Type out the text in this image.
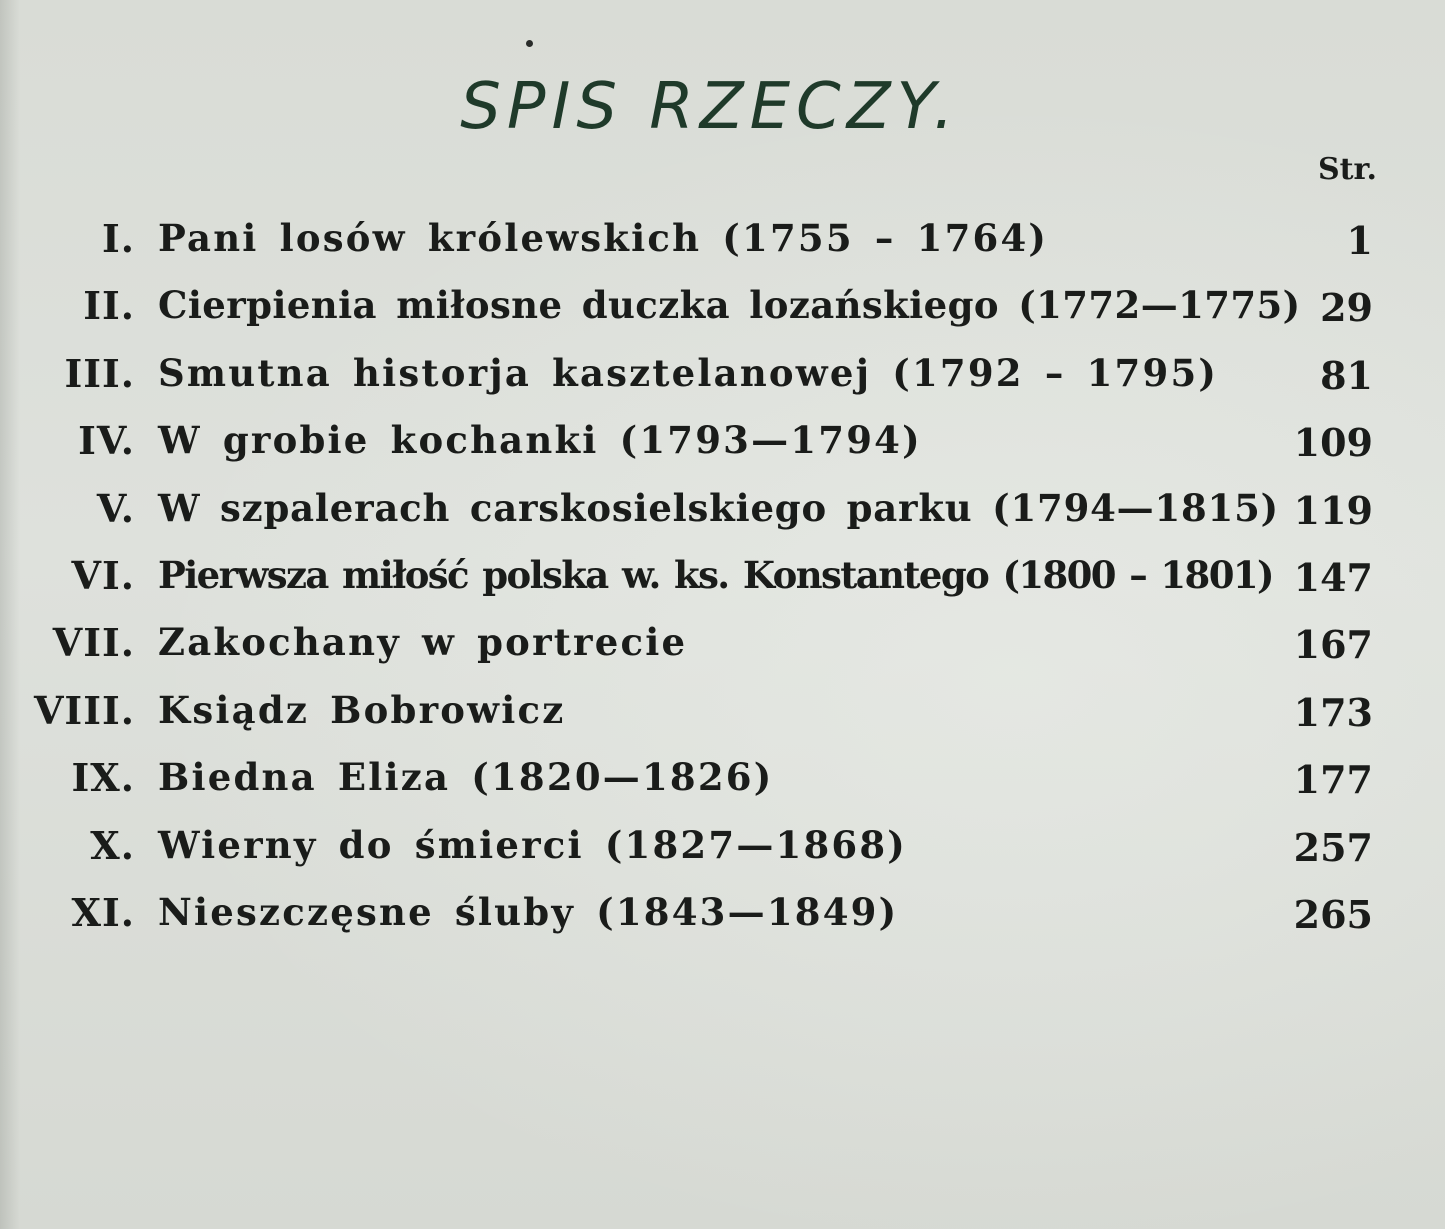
SPIS RZECZY.
Str.
I. Pani losów królewskich (1755 – 1764)	1
II. Cierpienia miłosne duczka lozańskiego (1772—1775) 29
III. Smutna historja kasztelanowej (1792 – 1795)	81
IV. W grobie kochanki (1793—1794)	109
V. W szpalerach carskosielskiego parku (1794—1815) 119
VI. Pierwsza miłość polska w. ks. Konstantego (1800 – 1801) 147
VII. Zakochany w portrecie	167
VIII. Ksiądz Bobrowicz	173
IX. Biedna Eliza (1820—1826)	177
X. Wierny do śmierci (1827—1868)	257
XI. Nieszczęsne śluby (1843—1849)	265
